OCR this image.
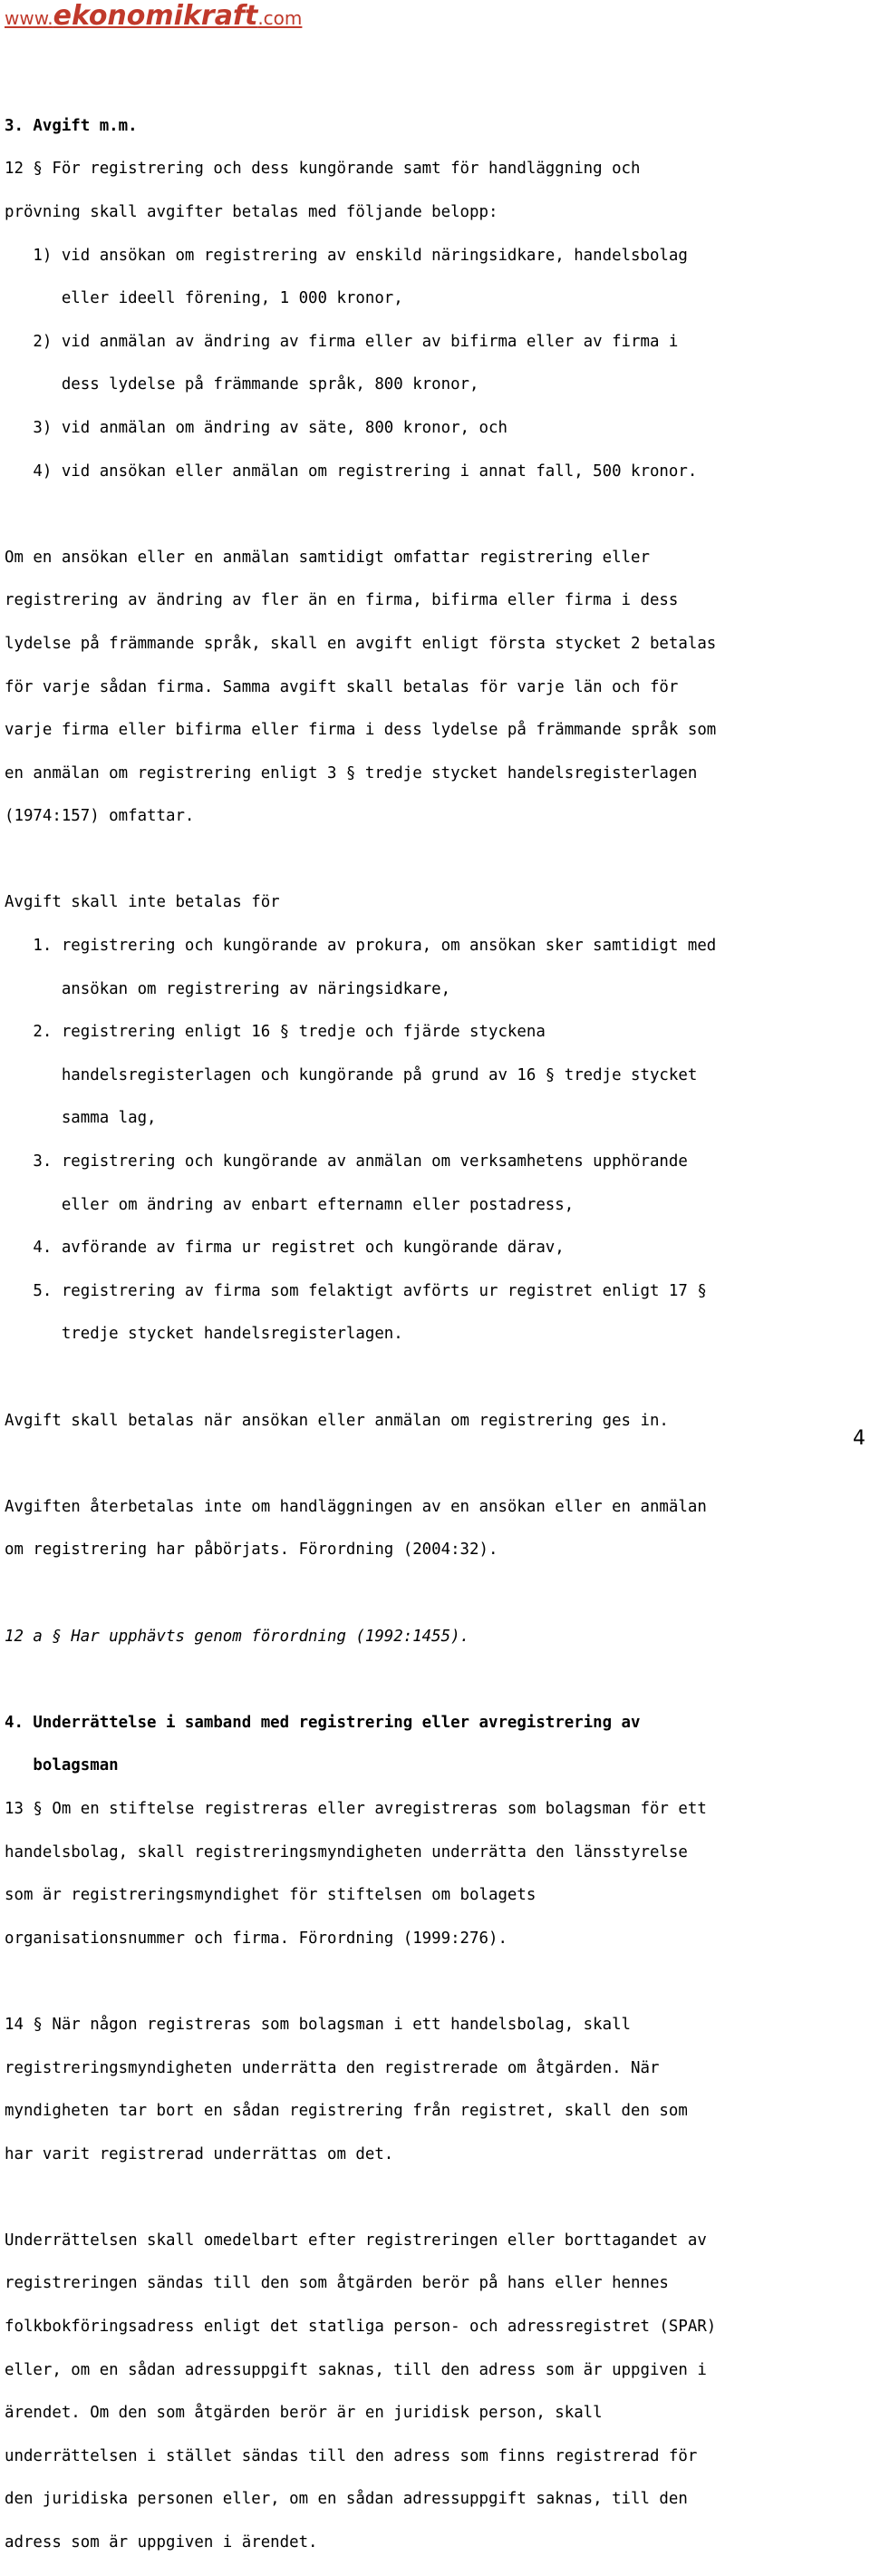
www.ekonomikraft.com

3. Avgift m.m.

12 § För registrering och dess kungörande samt för handläggning och

prövning skall avgifter betalas med följande belopp:

1) vid ansökan om registrering av enskild näringsidkare, handelsbolag

eller ideell förening, 1 000 kronor,

2) vid anmälan av ändring av firma eller av bifirma eller av firma i

dess lydelse på främmande språk, 800 kronor,

3) vid anmälan om ändring av säte, 800 kronor, och

4) vid ansökan eller anmälan om registrering i annat fall, 500 kronor.

Om en ansökan eller en anmälan samtidigt omfattar registrering eller

registrering av ändring av fler än en firma, bifirma eller firma i dess

lydelse på främmande språk, skall en avgift enligt första stycket 2 betalas

för varje sådan firma. Samma avgift skall betalas för varje län och för

varje firma eller bifirma eller firma i dess lydelse på främmande språk som

en anmälan om registrering enligt 3 § tredje stycket handelsregisterlagen

(1974:157) omfattar.

Avgift skall inte betalas för

1. registrering och kungörande av prokura, om ansökan sker samtidigt med

ansökan om registrering av näringsidkare,

2. registrering enligt 16 § tredje och fjärde styckena

handelsregisterlagen och kungörande på grund av 16 § tredje stycket

samma lag,

3. registrering och kungörande av anmälan om verksamhetens upphörande

eller om ändring av enbart efternamn eller postadress,

4. avförande av firma ur registret och kungörande därav,

5. registrering av firma som felaktigt avförts ur registret enligt 17 §

tredje stycket handelsregisterlagen.

Avgift skall betalas när ansökan eller anmälan om registrering ges in.

Avgiften återbetalas inte om handläggningen av en ansökan eller en anmälan

om registrering har påbörjats. Förordning (2004:32).

12 a § Har upphävts genom förordning (1992:1455).

4. Underrättelse i samband med registrering eller avregistrering av

bolagsman

13 § Om en stiftelse registreras eller avregistreras som bolagsman för ett

handelsbolag, skall registreringsmyndigheten underrätta den länsstyrelse

som är registreringsmyndighet för stiftelsen om bolagets

organisationsnummer och firma. Förordning (1999:276).

14 § När någon registreras som bolagsman i ett handelsbolag, skall

registreringsmyndigheten underrätta den registrerade om åtgärden. När

myndigheten tar bort en sådan registrering från registret, skall den som

har varit registrerad underrättas om det.

Underrättelsen skall omedelbart efter registreringen eller borttagandet av

registreringen sändas till den som åtgärden berör på hans eller hennes

folkbokföringsadress enligt det statliga person- och adressregistret (SPAR)

eller, om en sådan adressuppgift saknas, till den adress som är uppgiven i

ärendet. Om den som åtgärden berör är en juridisk person, skall

underrättelsen i stället sändas till den adress som finns registrerad för

den juridiska personen eller, om en sådan adressuppgift saknas, till den

adress som är uppgiven i ärendet.

4
